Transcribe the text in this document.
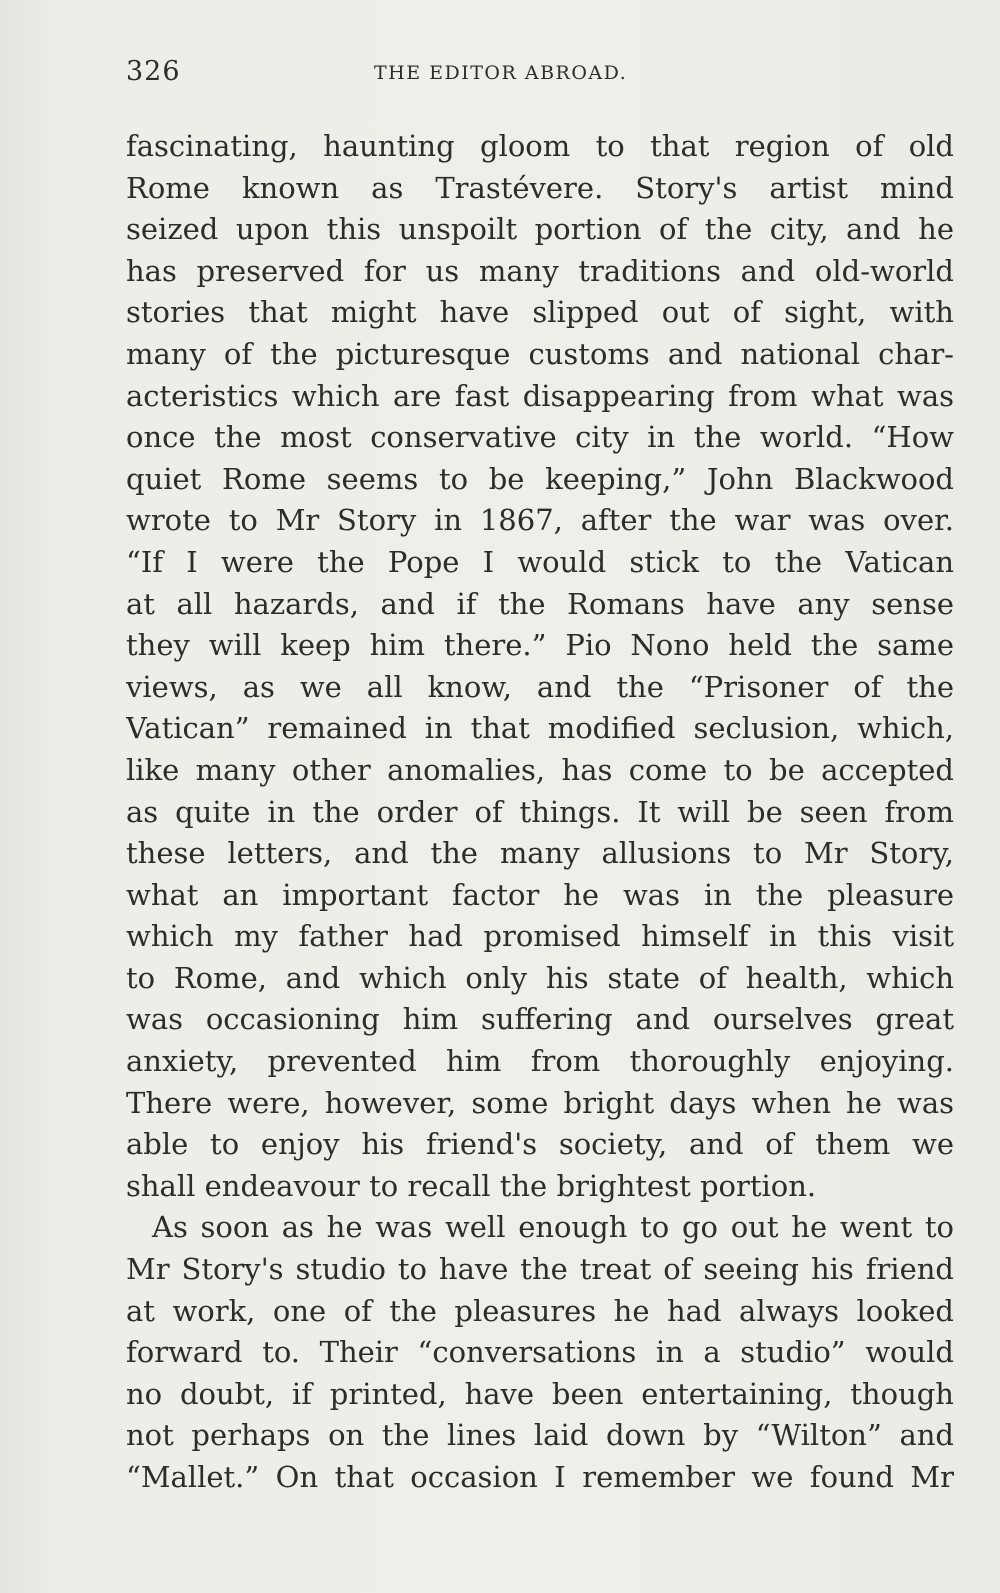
326	THE EDITOR ABROAD.
fascinating, haunting gloom to that region of old
Rome known as Trastévere. Story's artist mind
seized upon this unspoilt portion of the city, and he
has preserved for us many traditions and old-world
stories that might have slipped out of sight, with
many of the picturesque customs and national char-
acteristics which are fast disappearing from what was
once the most conservative city in the world. “How
quiet Rome seems to be keeping,” John Blackwood
wrote to Mr Story in 1867, after the war was over.
“If I were the Pope I would stick to the Vatican
at all hazards, and if the Romans have any sense
they will keep him there.” Pio Nono held the same
views, as we all know, and the “Prisoner of the
Vatican” remained in that modified seclusion, which,
like many other anomalies, has come to be accepted
as quite in the order of things. It will be seen from
these letters, and the many allusions to Mr Story,
what an important factor he was in the pleasure
which my father had promised himself in this visit
to Rome, and which only his state of health, which
was occasioning him suffering and ourselves great
anxiety, prevented him from thoroughly enjoying.
There were, however, some bright days when he was
able to enjoy his friend's society, and of them we
shall endeavour to recall the brightest portion.
As soon as he was well enough to go out he went to
Mr Story's studio to have the treat of seeing his friend
at work, one of the pleasures he had always looked
forward to. Their “conversations in a studio” would
no doubt, if printed, have been entertaining, though
not perhaps on the lines laid down by “Wilton” and
“Mallet.” On that occasion I remember we found Mr
